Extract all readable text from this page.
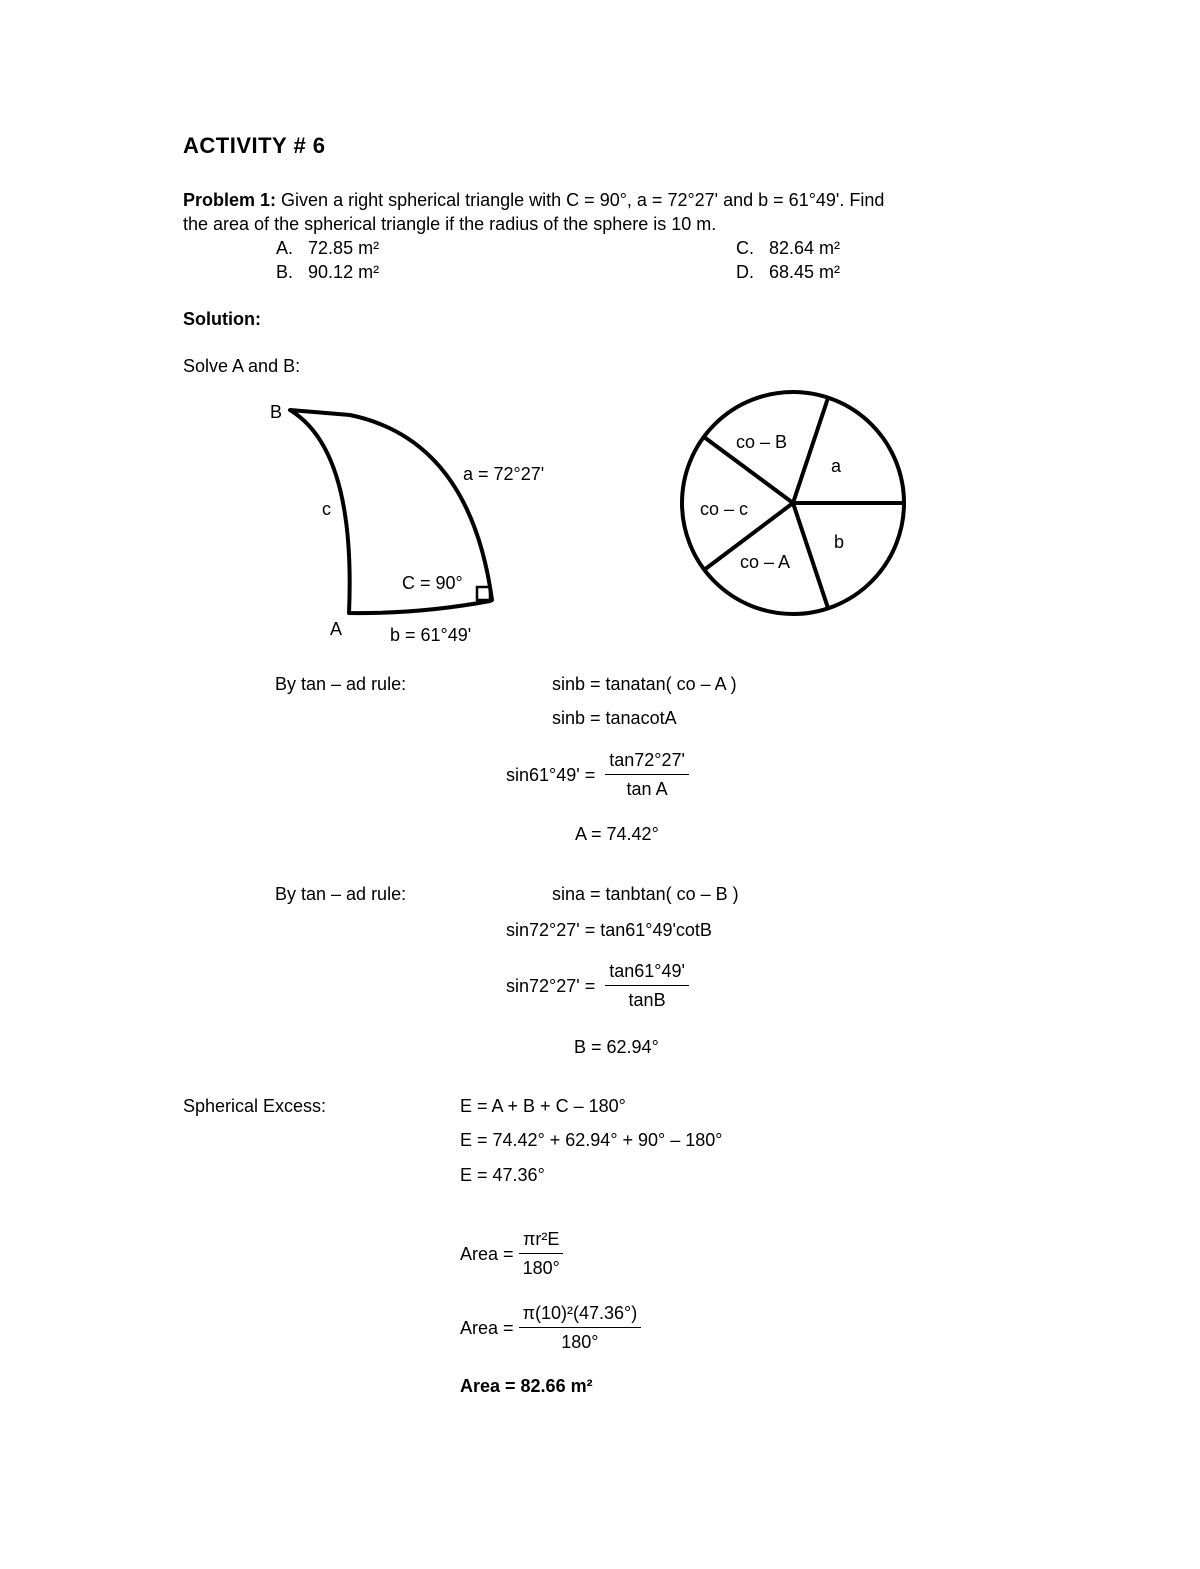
ACTIVITY # 6
Problem 1: Given a right spherical triangle with C = 90°, a = 72°27' and b = 61°49'. Find
the area of the spherical triangle if the radius of the sphere is 10 m.
A. 72.85 m²
B. 90.12 m²
C. 82.64 m²
D. 68.45 m²
Solution:
Solve A and B:
B
A
c
a = 72°27'
b = 61°49'
C = 90°
co – B
a
co – c
b
co – A
By tan – ad rule:	sinb = tanatan( co – A )
sinb = tanacotA
sin61°49' =
$\frac{\tan 72^\circ 27'}{\text{tan A}}$
A = 74.42°
By tan – ad rule:	sina = tanbtan( co – B )
sin72°27' = tan61°49'cotB
sin72°27' =
$\frac{\tan 61^\circ 49'}{\tan B}$
B = 62.94°
Spherical Excess:	E = A + B + C – 180°
E = 74.42° + 62.94° + 90° – 180°
E = 47.36°
Area =
$\frac{\text{πr²E}}{180^\circ}$
Area =
$\frac{\text{π(10)²(47.36°)}}{180^\circ}$
Area = 82.66 m²
